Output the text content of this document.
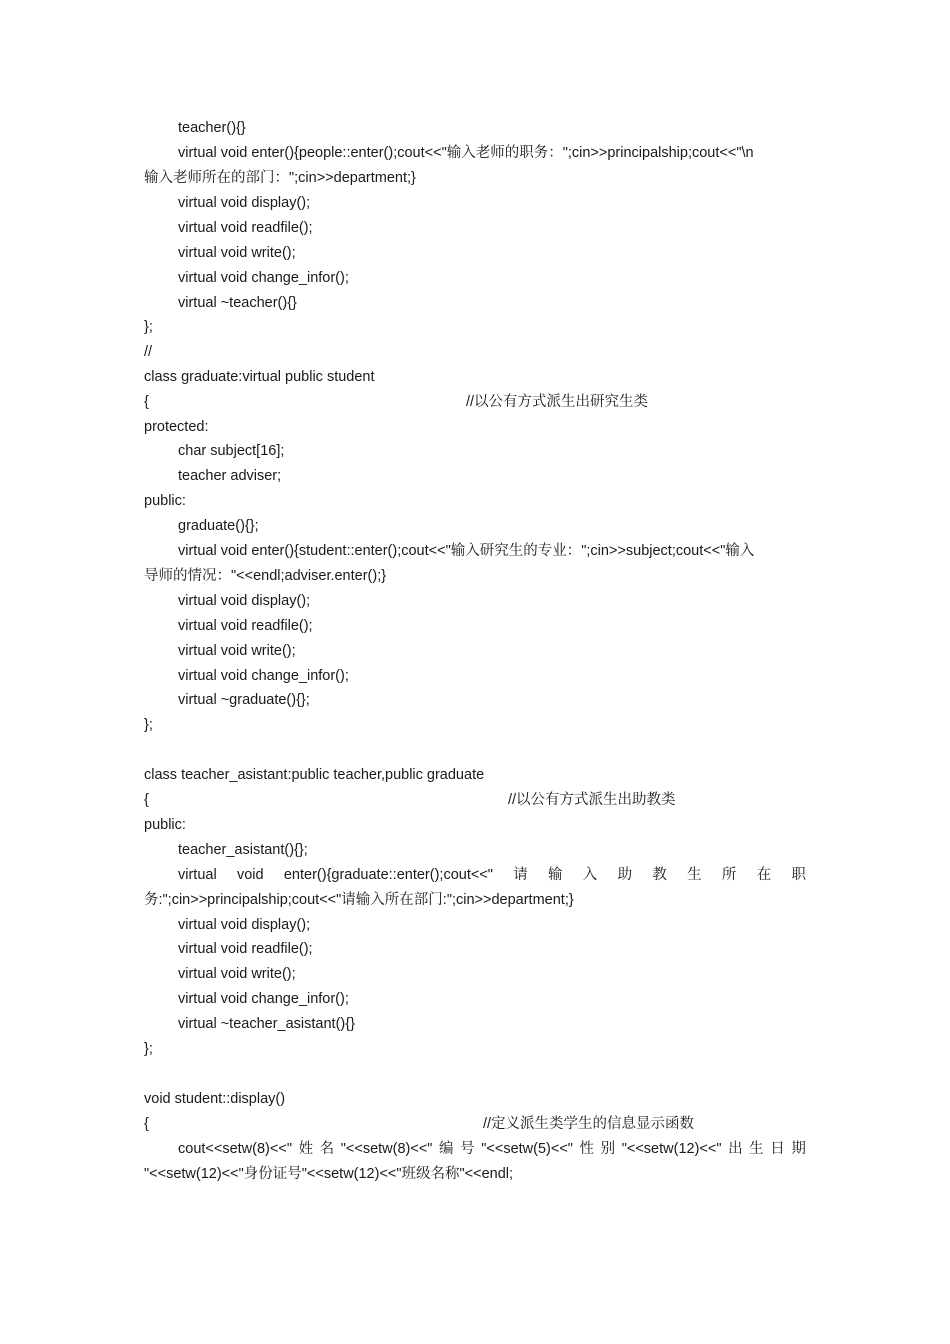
teacher(){}
virtual void enter(){people::enter();cout<<"输入老师的职务：";cin>>principalship;cout<<"\n
输入老师所在的部门：";cin>>department;}
virtual void display();
virtual void readfile();
virtual void write();
virtual void change_infor();
virtual ~teacher(){}
};
//
class graduate:virtual public student
{	//以公有方式派生出研究生类
protected:
char subject[16];
teacher adviser;
public:
graduate(){};
virtual void enter(){student::enter();cout<<"输入研究生的专业：";cin>>subject;cout<<"输入
导师的情况："<<endl;adviser.enter();}
virtual void display();
virtual void readfile();
virtual void write();
virtual void change_infor();
virtual ~graduate(){};
};
class teacher_asistant:public teacher,public graduate
{	//以公有方式派生出助教类
public:
teacher_asistant(){};
virtual void enter(){graduate::enter();cout<<" 请 输 入 助 教 生 所 在 职
务:";cin>>principalship;cout<<"请输入所在部门:";cin>>department;}
virtual void display();
virtual void readfile();
virtual void write();
virtual void change_infor();
virtual ~teacher_asistant(){}
};
void student::display()
{	//定义派生类学生的信息显示函数
cout<<setw(8)<<" 姓 名 "<<setw(8)<<" 编 号 "<<setw(5)<<" 性 别 "<<setw(12)<<" 出 生 日 期
"<<setw(12)<<"身份证号"<<setw(12)<<"班级名称"<<endl;
